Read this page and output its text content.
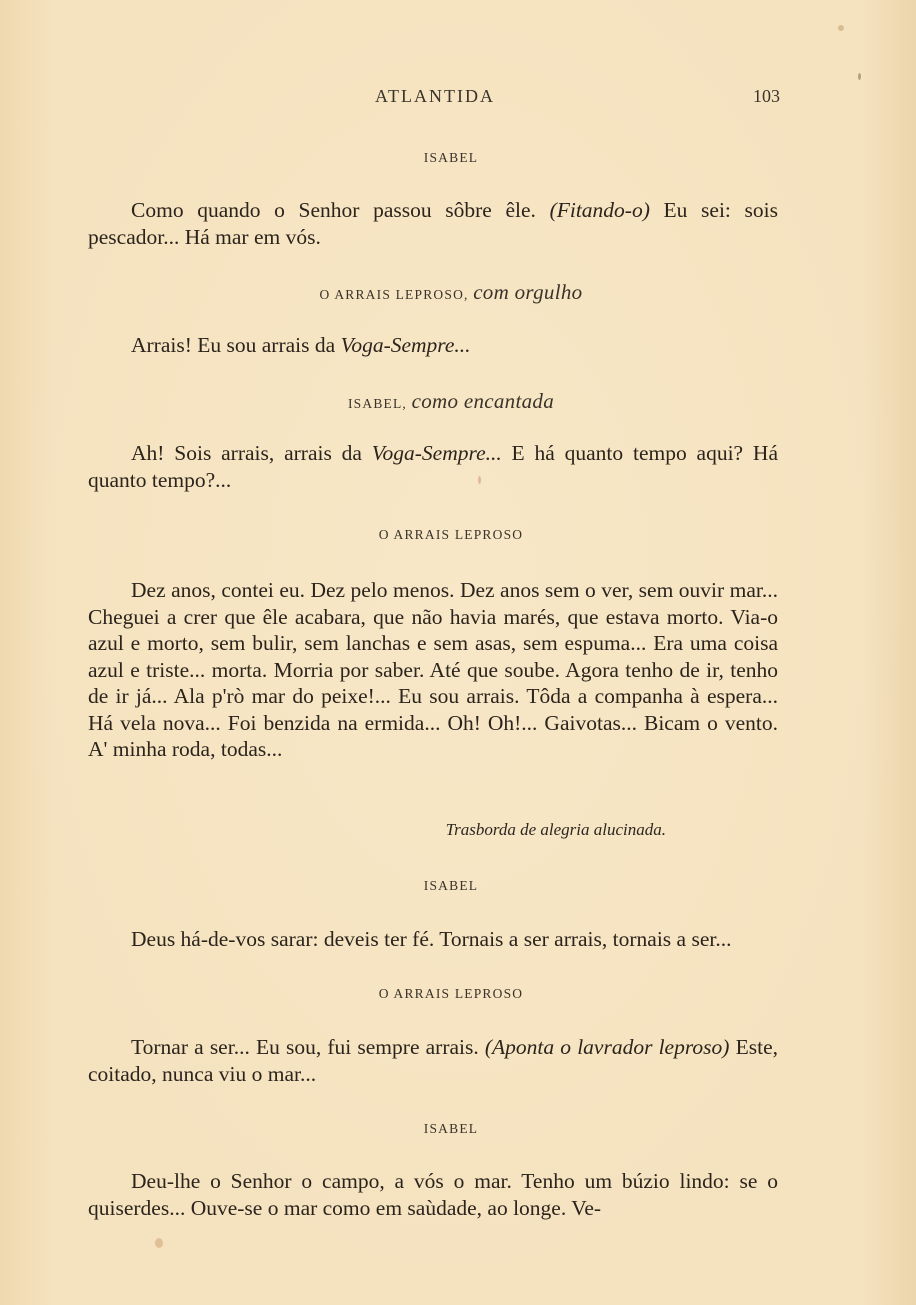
ATLANTIDA	103
ISABEL

Como quando o Senhor passou sôbre êle. (Fitando-o) Eu sei: sois pescador... Há mar em vós.

O ARRAIS LEPROSO, com orgulho

Arrais! Eu sou arrais da Voga-Sempre...

ISABEL, como encantada

Ah! Sois arrais, arrais da Voga-Sempre... E há quanto tempo aqui? Há quanto tempo?...

O ARRAIS LEPROSO

Dez anos, contei eu. Dez pelo menos. Dez anos sem o ver, sem ouvir mar... Cheguei a crer que êle acabara, que não havia marés, que estava morto. Via-o azul e morto, sem bulir, sem lanchas e sem asas, sem espuma... Era uma coisa azul e triste... morta. Morria por saber. Até que soube. Agora tenho de ir, tenho de ir já... Ala p'rò mar do peixe!... Eu sou arrais. Tôda a companha à espera... Há vela nova... Foi benzida na ermida... Oh! Oh!... Gaivotas... Bicam o vento. A' minha roda, todas...

Trasborda de alegria alucinada.
ISABEL

Deus há-de-vos sarar: deveis ter fé. Tornais a ser arrais, tornais a ser...

O ARRAIS LEPROSO

Tornar a ser... Eu sou, fui sempre arrais. (Aponta o lavrador leproso) Este, coitado, nunca viu o mar...

ISABEL

Deu-lhe o Senhor o campo, a vós o mar. Tenho um búzio lindo: se o quiserdes... Ouve-se o mar como em saùdade, ao longe. Ve-
